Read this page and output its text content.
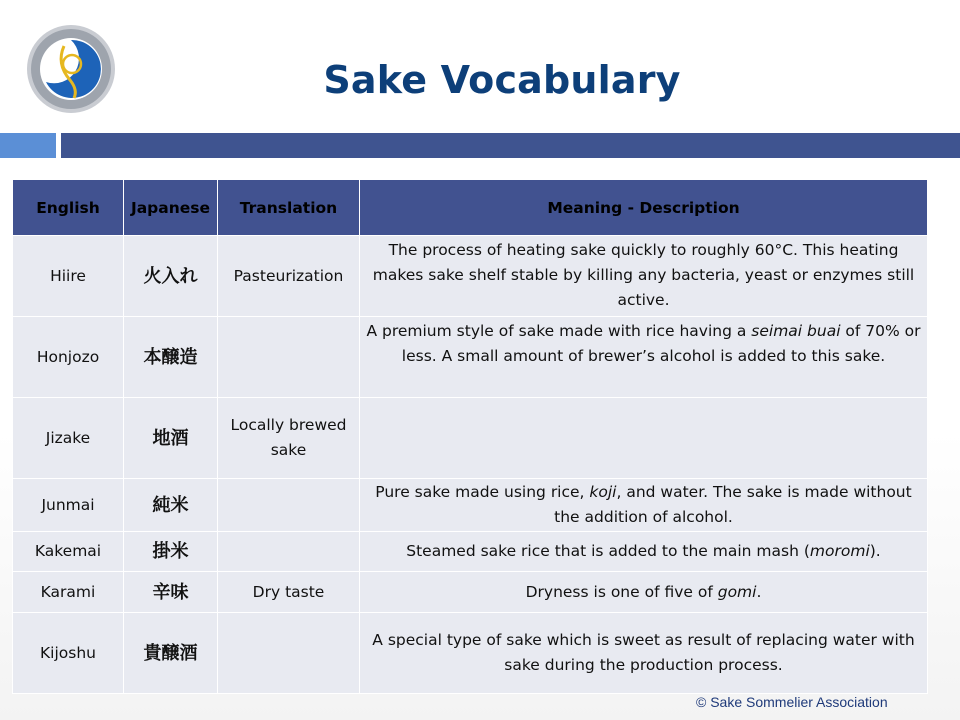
Sake Vocabulary
English	Japanese	Translation	Meaning - Description
Hiire	火入れ	Pasteurization	The process of heating sake quickly to roughly 60°C. This heating makes sake shelf stable by killing any bacteria, yeast or enzymes still active.
Honjozo	本醸造		A premium style of sake made with rice having a seimai buai of 70% or less. A small amount of brewer’s alcohol is added to this sake.
Jizake	地酒	Locally brewed sake	
Junmai	純米		Pure sake made using rice, koji, and water. The sake is made without the addition of alcohol.
Kakemai	掛米		Steamed sake rice that is added to the main mash (moromi).
Karami	辛味	Dry taste	Dryness is one of five of gomi.
Kijoshu	貴醸酒		A special type of sake which is sweet as result of replacing water with sake during the production process.
© Sake Sommelier Association
